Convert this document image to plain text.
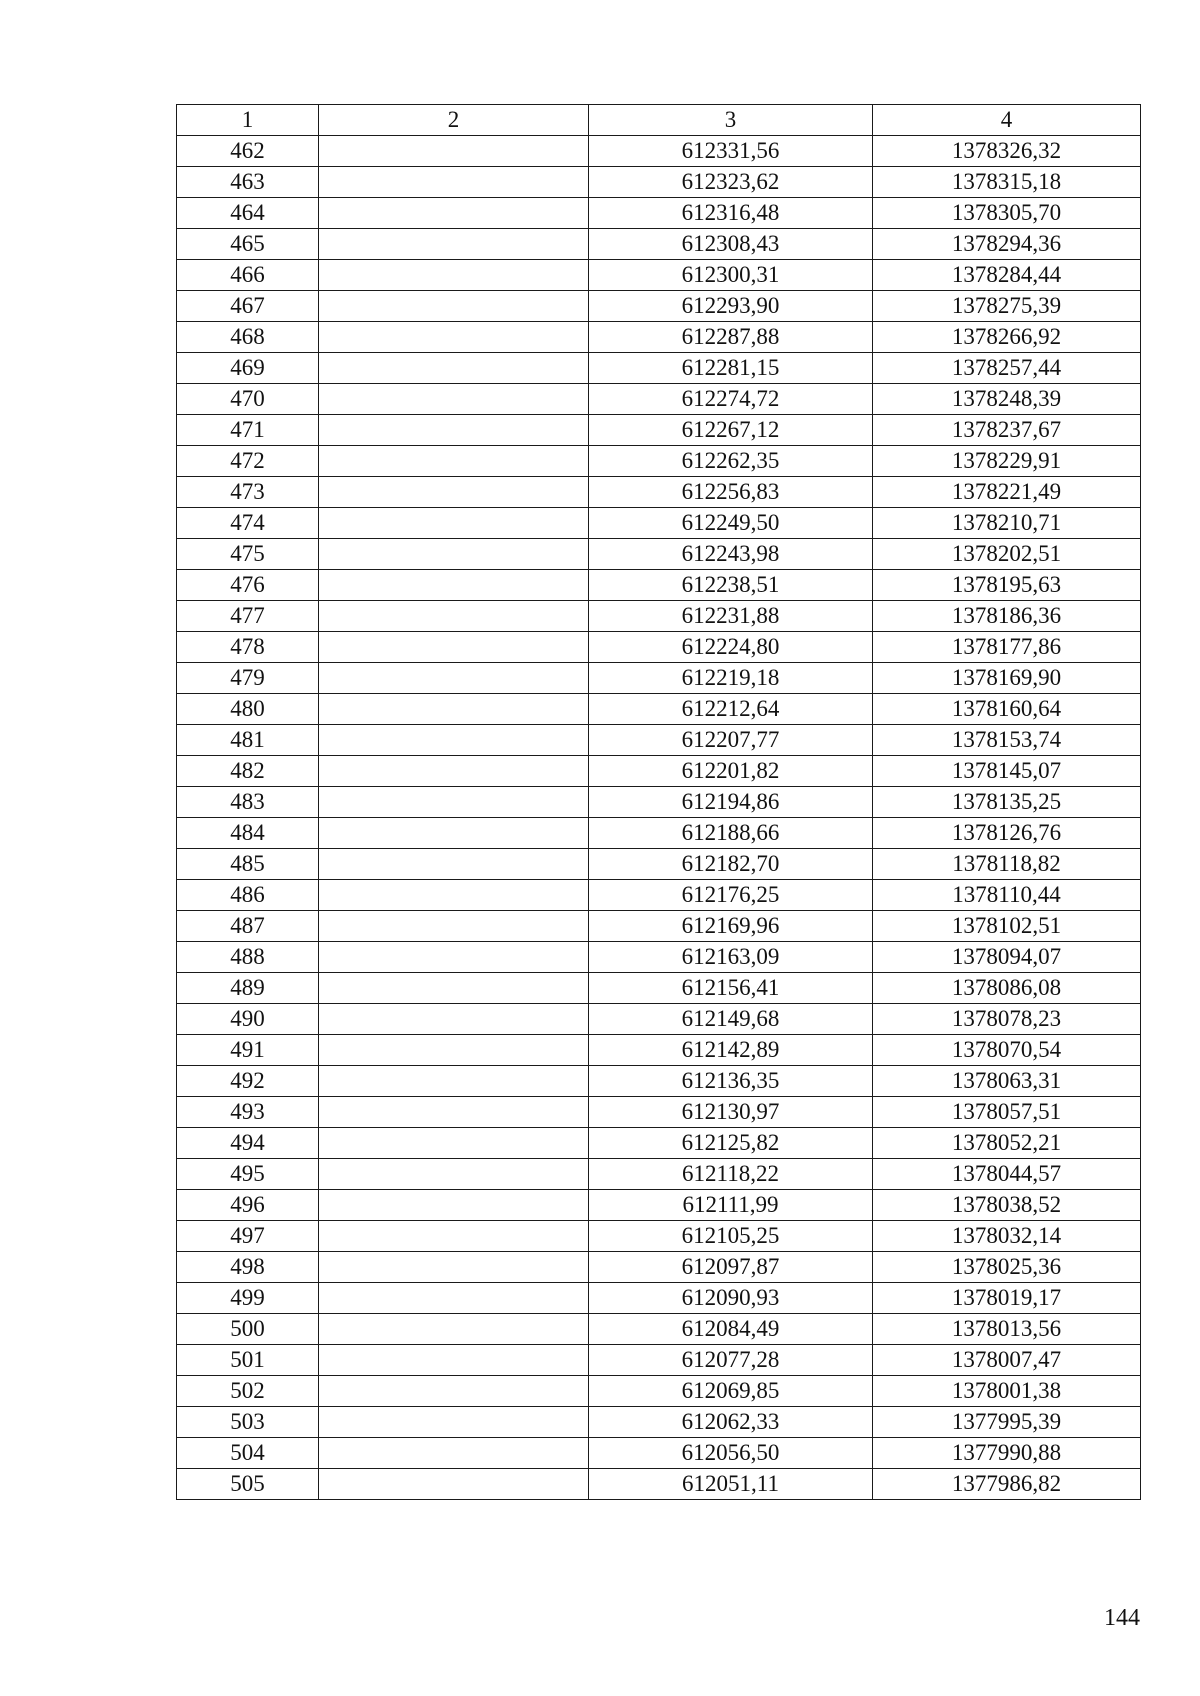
1	2	3	4
462		612331,56	1378326,32
463		612323,62	1378315,18
464		612316,48	1378305,70
465		612308,43	1378294,36
466		612300,31	1378284,44
467		612293,90	1378275,39
468		612287,88	1378266,92
469		612281,15	1378257,44
470		612274,72	1378248,39
471		612267,12	1378237,67
472		612262,35	1378229,91
473		612256,83	1378221,49
474		612249,50	1378210,71
475		612243,98	1378202,51
476		612238,51	1378195,63
477		612231,88	1378186,36
478		612224,80	1378177,86
479		612219,18	1378169,90
480		612212,64	1378160,64
481		612207,77	1378153,74
482		612201,82	1378145,07
483		612194,86	1378135,25
484		612188,66	1378126,76
485		612182,70	1378118,82
486		612176,25	1378110,44
487		612169,96	1378102,51
488		612163,09	1378094,07
489		612156,41	1378086,08
490		612149,68	1378078,23
491		612142,89	1378070,54
492		612136,35	1378063,31
493		612130,97	1378057,51
494		612125,82	1378052,21
495		612118,22	1378044,57
496		612111,99	1378038,52
497		612105,25	1378032,14
498		612097,87	1378025,36
499		612090,93	1378019,17
500		612084,49	1378013,56
501		612077,28	1378007,47
502		612069,85	1378001,38
503		612062,33	1377995,39
504		612056,50	1377990,88
505		612051,11	1377986,82
144
